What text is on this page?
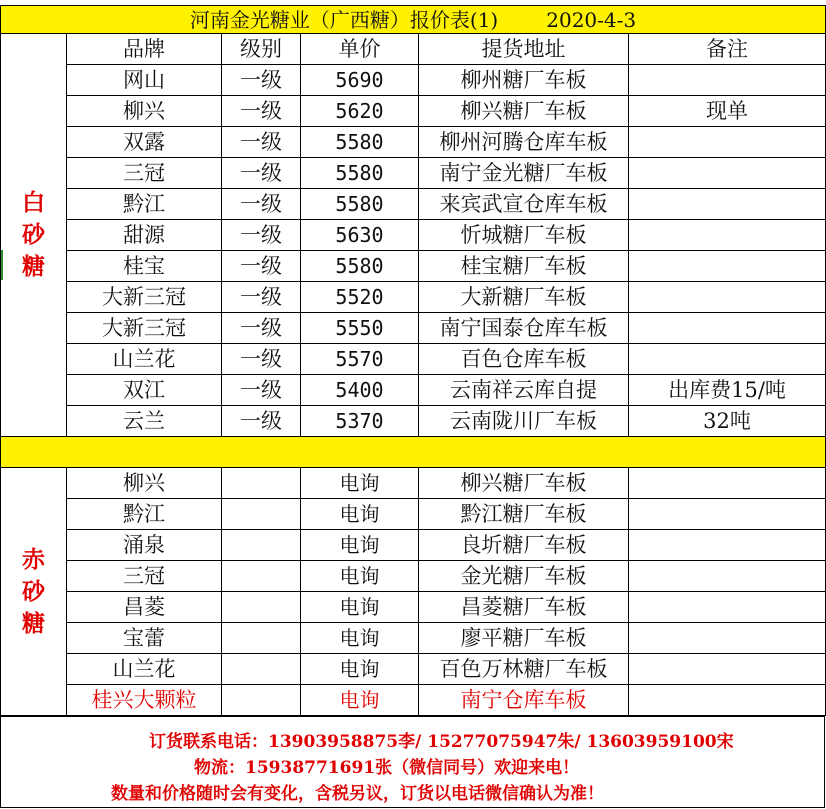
河南金光糖业（广西糖）报价表(1) 2020-4-3					

白
砂
糖	品牌	级别	单价	提货地址	备注
	网山	一级	5690	柳州糖厂车板	
	柳兴	一级	5620	柳兴糖厂车板	现单
	双露	一级	5580	柳州河腾仓库车板	
	三冠	一级	5580	南宁金光糖厂车板	
	黔江	一级	5580	来宾武宣仓库车板	
	甜源	一级	5630	忻城糖厂车板	
	桂宝	一级	5580	桂宝糖厂车板	
	大新三冠	一级	5520	大新糖厂车板	
	大新三冠	一级	5550	南宁国泰仓库车板	
	山兰花	一级	5570	百色仓库车板	
	双江	一级	5400	云南祥云库自提	出库费15/吨
	云兰	一级	5370	云南陇川厂车板	32吨

赤
砂
糖	柳兴		电询	柳兴糖厂车板	
	黔江		电询	黔江糖厂车板	
	涌泉		电询	良圻糖厂车板	
	三冠		电询	金光糖厂车板	
	昌菱		电询	昌菱糖厂车板	
	宝蕾		电询	廖平糖厂车板	
	山兰花		电询	百色万林糖厂车板	
	桂兴大颗粒		电询	南宁仓库车板	
订货联系电话：13903958875李/ 15277075947朱/ 13603959100宋
物流：15938771691张（微信同号）欢迎来电！
数量和价格随时会有变化，含税另议，订货以电话微信确认为准！
